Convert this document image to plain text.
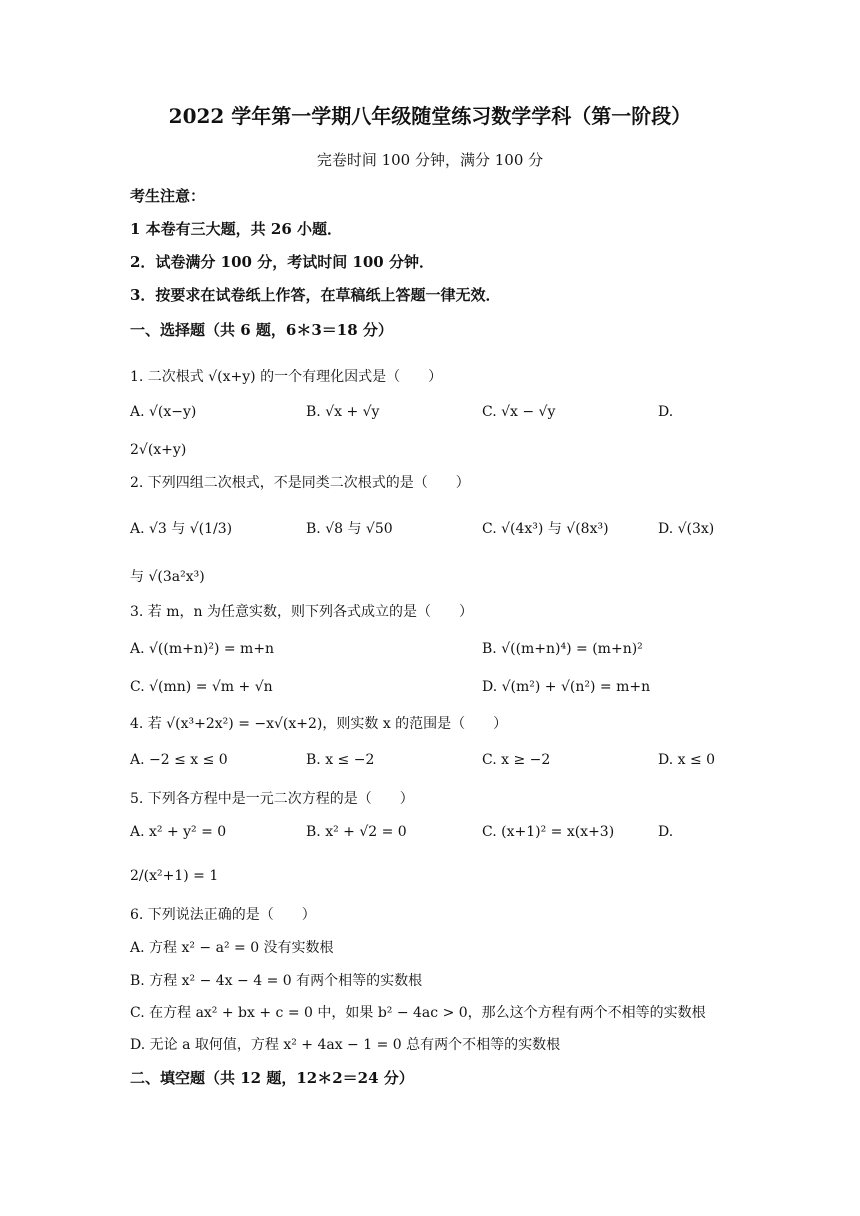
2022 学年第一学期八年级随堂练习数学学科（第一阶段）
完卷时间 100 分钟，满分 100 分
考生注意：
1 本卷有三大题，共 26 小题．
2．试卷满分 100 分，考试时间 100 分钟．
3．按要求在试卷纸上作答，在草稿纸上答题一律无效．
一、选择题（共 6 题，6＊3＝18 分）
1. 二次根式 √(x+y) 的一个有理化因式是（　　）
A. √(x−y)	B. √x + √y	C. √x − √y	D.
2√(x+y)
2. 下列四组二次根式，不是同类二次根式的是（　　）
A. √3 与 √(1/3)	B. √8 与 √50	C. √(4x³) 与 √(8x³)	D. √(3x)
与 √(3a²x³)
3. 若 m，n 为任意实数，则下列各式成立的是（　　）
A. √((m+n)²) = m+n	B. √((m+n)⁴) = (m+n)²
C. √(mn) = √m + √n	D. √(m²) + √(n²) = m+n
4. 若 √(x³+2x²) = −x√(x+2)，则实数 x 的范围是（　　）
A. −2 ≤ x ≤ 0	B. x ≤ −2	C. x ≥ −2	D. x ≤ 0
5. 下列各方程中是一元二次方程的是（　　）
A. x² + y² = 0	B. x² + √2 = 0	C. (x+1)² = x(x+3)	D.
2/(x²+1) = 1
6. 下列说法正确的是（　　）
A. 方程 x² − a² = 0 没有实数根
B. 方程 x² − 4x − 4 = 0 有两个相等的实数根
C. 在方程 ax² + bx + c = 0 中，如果 b² − 4ac > 0，那么这个方程有两个不相等的实数根
D. 无论 a 取何值，方程 x² + 4ax − 1 = 0 总有两个不相等的实数根
二、填空题（共 12 题，12＊2＝24 分）
